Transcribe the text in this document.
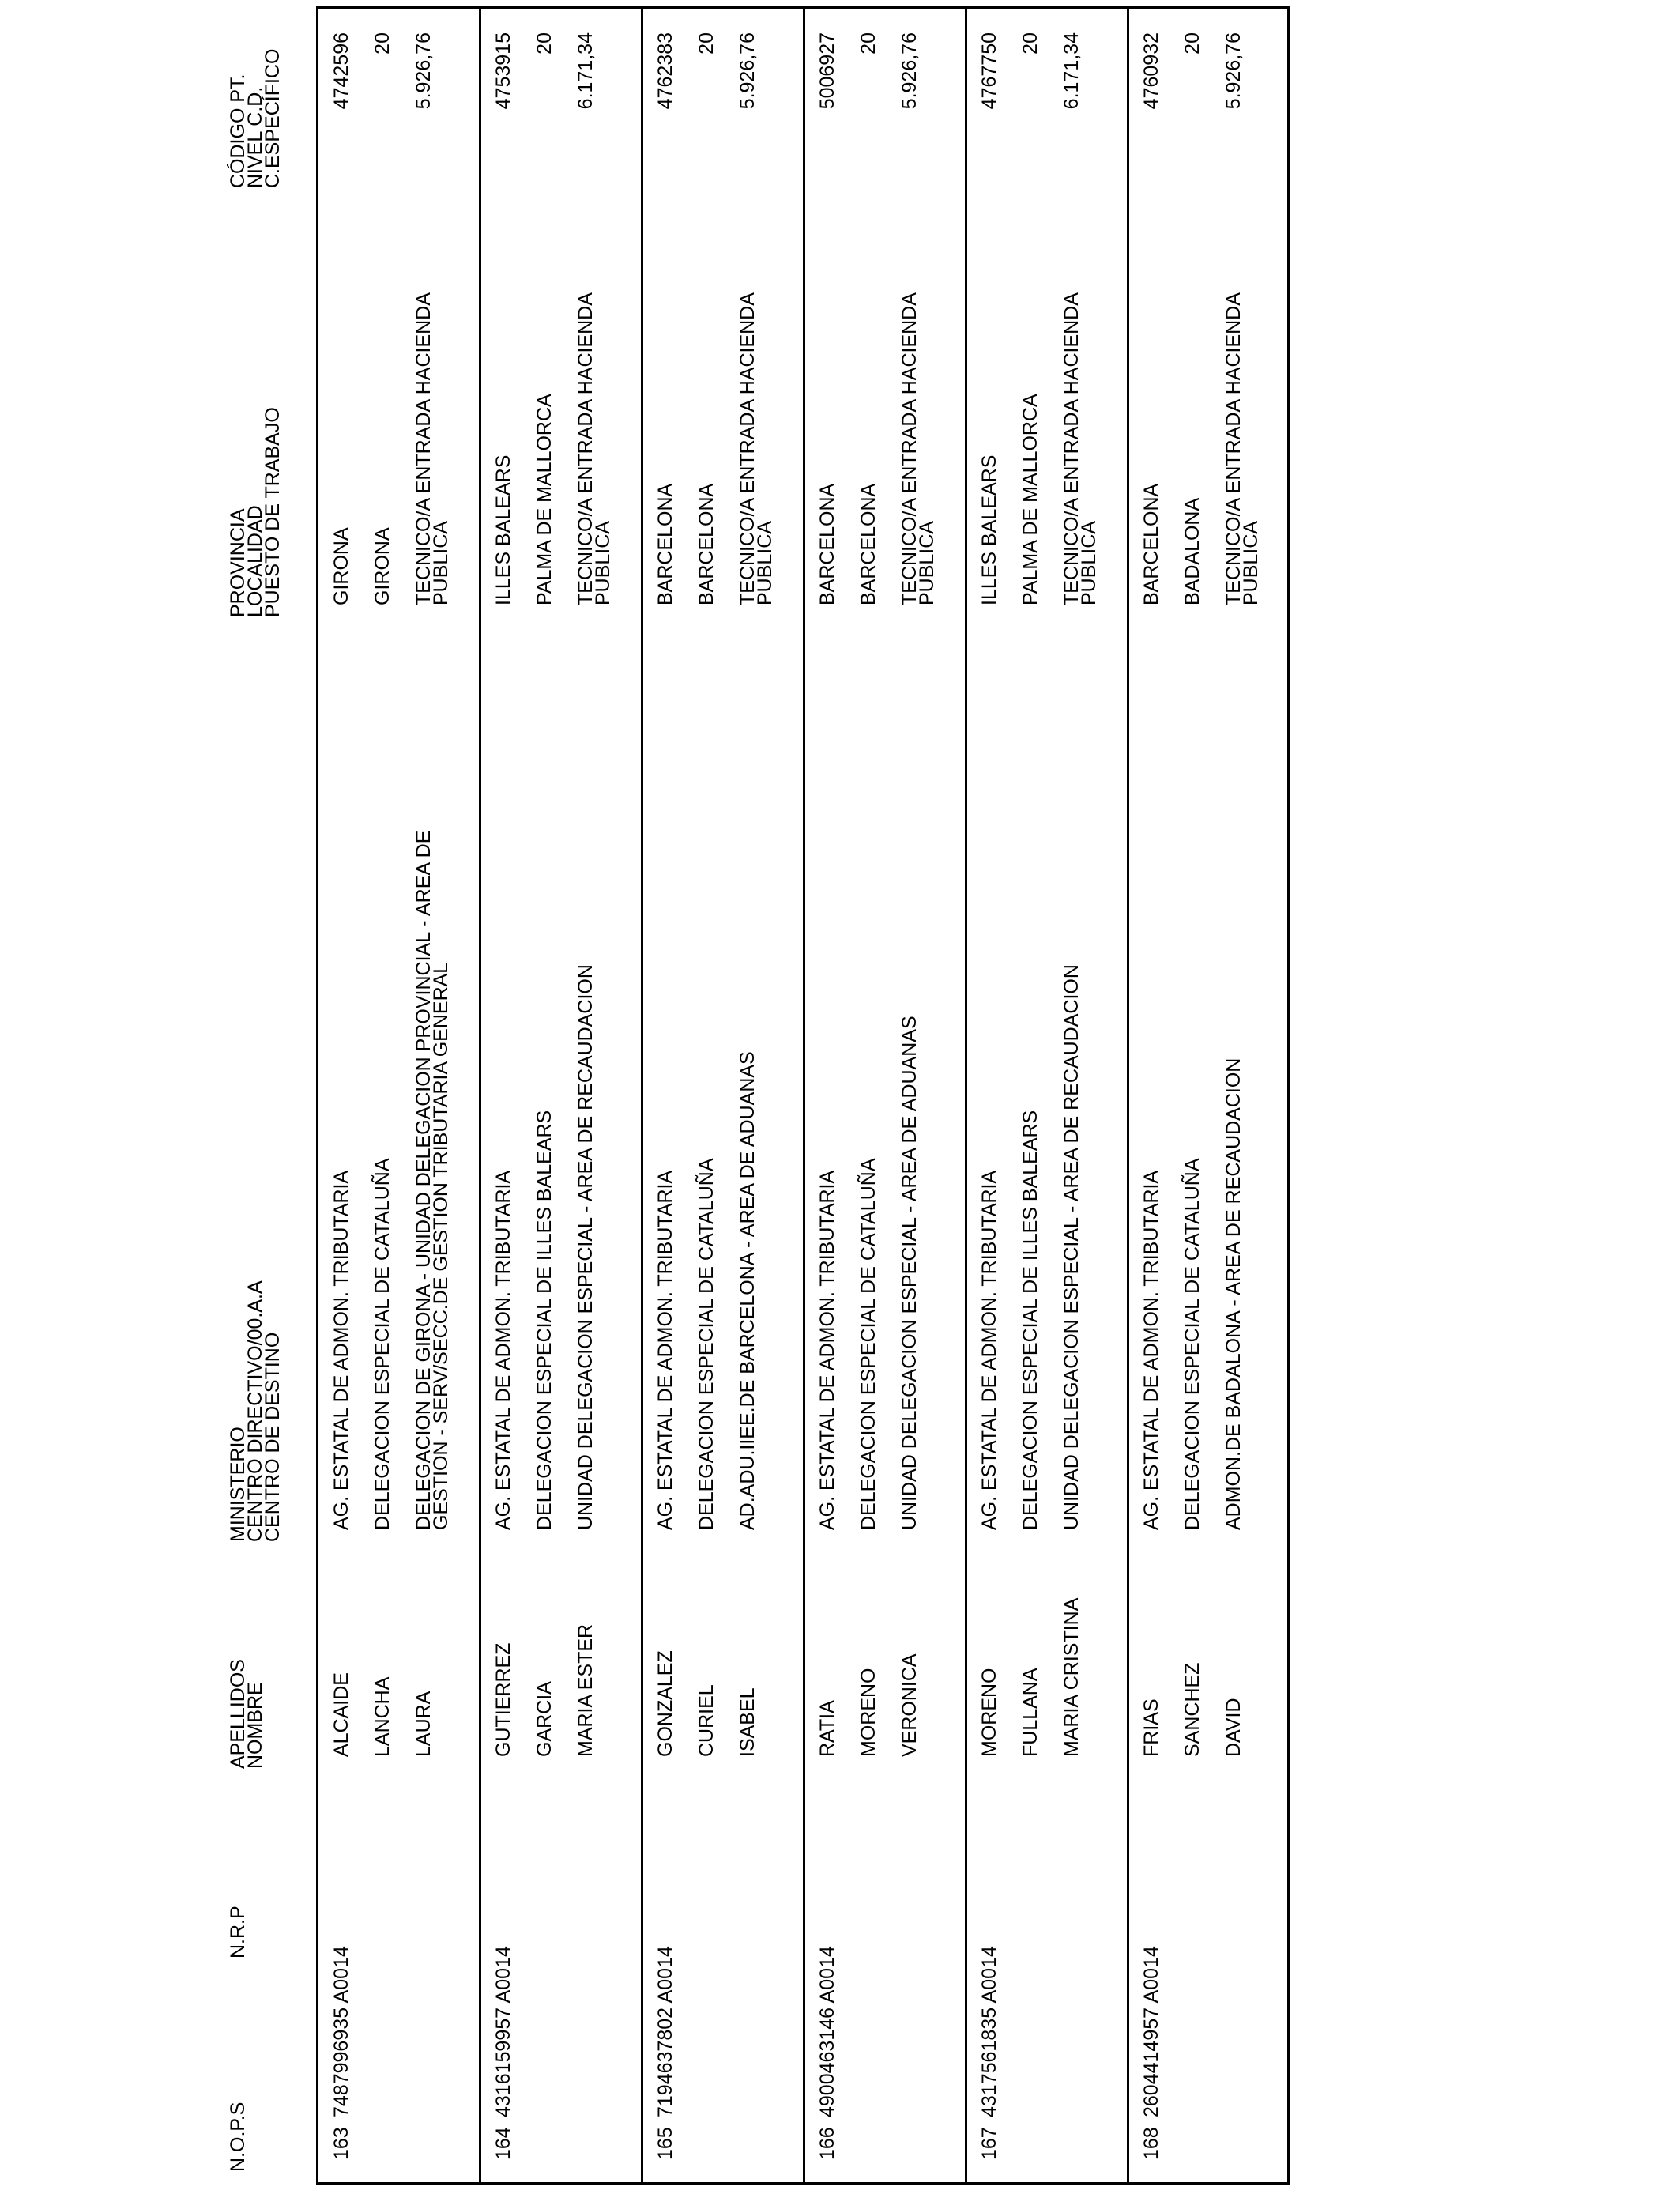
N.O.P.S
N.R.P
APELLIDOS
NOMBRE
MINISTERIO
CENTRO DIRECTIVO/00.A.A
CENTRO DE DESTINO
PROVINCIA
LOCALIDAD
PUESTO DE TRABAJO
CÓDIGO PT.
NIVEL C.D.
C.ESPECÍFICO
163
7487996935 A0014
ALCAIDE LANCHA LAURA
AG. ESTATAL DE ADMON. TRIBUTARIA DELEGACION ESPECIAL DE CATALUÑA DELEGACION DE GIRONA - UNIDAD DELEGACION PROVINCIAL - AREA DE
GESTION - SERV/SECC.DE GESTION TRIBUTARIA GENERAL
GIRONA GIRONA TECNICO/A ENTRADA HACIENDA
PUBLICA
4742596 20 5.926,76
164
4316159957 A0014
GUTIERREZ GARCIA MARIA ESTER
AG. ESTATAL DE ADMON. TRIBUTARIA DELEGACION ESPECIAL DE ILLES BALEARS UNIDAD DELEGACION ESPECIAL - AREA DE RECAUDACION
ILLES BALEARS PALMA DE MALLORCA TECNICO/A ENTRADA HACIENDA
PUBLICA
4753915 20 6.171,34
165
7194637802 A0014
GONZALEZ CURIEL ISABEL
AG. ESTATAL DE ADMON. TRIBUTARIA DELEGACION ESPECIAL DE CATALUÑA AD.ADU.IIEE.DE BARCELONA - AREA DE ADUANAS
BARCELONA BARCELONA TECNICO/A ENTRADA HACIENDA
PUBLICA
4762383 20 5.926,76
166
4900463146 A0014
RATIA MORENO VERONICA
AG. ESTATAL DE ADMON. TRIBUTARIA DELEGACION ESPECIAL DE CATALUÑA UNIDAD DELEGACION ESPECIAL - AREA DE ADUANAS
BARCELONA BARCELONA TECNICO/A ENTRADA HACIENDA
PUBLICA
5006927 20 5.926,76
167
4317561835 A0014
MORENO FULLANA MARIA CRISTINA
AG. ESTATAL DE ADMON. TRIBUTARIA DELEGACION ESPECIAL DE ILLES BALEARS UNIDAD DELEGACION ESPECIAL - AREA DE RECAUDACION
ILLES BALEARS PALMA DE MALLORCA TECNICO/A ENTRADA HACIENDA
PUBLICA
4767750 20 6.171,34
168
2604414957 A0014
FRIAS SANCHEZ DAVID
AG. ESTATAL DE ADMON. TRIBUTARIA DELEGACION ESPECIAL DE CATALUÑA ADMON.DE BADALONA - AREA DE RECAUDACION
BARCELONA BADALONA TECNICO/A ENTRADA HACIENDA
PUBLICA
4760932 20 5.926,76
